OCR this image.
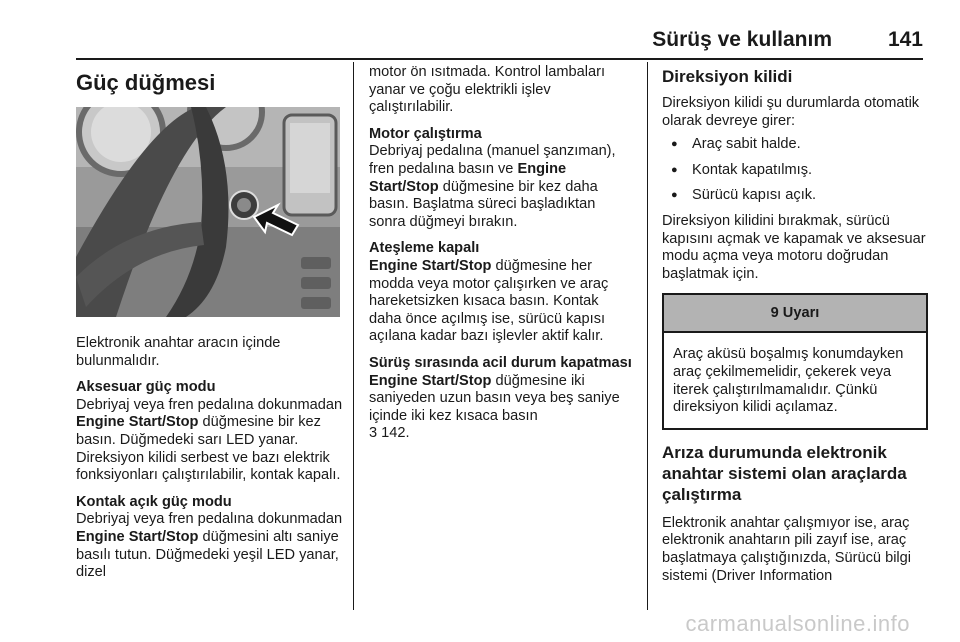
Sürüş ve kullanım	141
Güç düğmesi

Elektronik anahtar aracın içinde bulunmalıdır.

Aksesuar güç modu

Debriyaj veya fren pedalına dokunmadan Engine Start/Stop düğmesine bir kez basın. Düğmedeki sarı LED yanar. Direksiyon kilidi serbest ve bazı elektrik fonksiyonları çalıştırılabilir, kontak kapalı.

Kontak açık güç modu

Debriyaj veya fren pedalına dokunmadan Engine Start/Stop düğmesini altı saniye basılı tutun. Düğmedeki yeşil LED yanar, dizel

motor ön ısıtmada. Kontrol lambaları yanar ve çoğu elektrikli işlev çalıştırılabilir.

Motor çalıştırma

Debriyaj pedalına (manuel şanzıman), fren pedalına basın ve Engine Start/Stop düğmesine bir kez daha basın. Başlatma süreci başladıktan sonra düğmeyi bırakın.

Ateşleme kapalı

Engine Start/Stop düğmesine her modda veya motor çalışırken ve araç hareketsizken kısaca basın. Kontak daha önce açılmış ise, sürücü kapısı açılana kadar bazı işlevler aktif kalır.

Sürüş sırasında acil durum kapatması

Engine Start/Stop düğmesine iki saniyeden uzun basın veya beş saniye içinde iki kez kısaca basın

3 142.

Direksiyon kilidi

Direksiyon kilidi şu durumlarda otomatik olarak devreye girer:

● Araç sabit halde.
● Kontak kapatılmış.
● Sürücü kapısı açık.

Direksiyon kilidini bırakmak, sürücü kapısını açmak ve kapamak ve aksesuar modu açma veya motoru doğrudan başlatmak için.

9 Uyarı
Araç aküsü boşalmış konumdayken araç çekilmemelidir, çekerek veya iterek çalıştırılmamalıdır. Çünkü direksiyon kilidi açılamaz.
Arıza durumunda elektronik anahtar sistemi olan araçlarda çalıştırma

Elektronik anahtar çalışmıyor ise, araç elektronik anahtarın pili zayıf ise, araç başlatmaya çalıştığınızda, Sürücü bilgi sistemi (Driver Information

carmanualsonline.info
